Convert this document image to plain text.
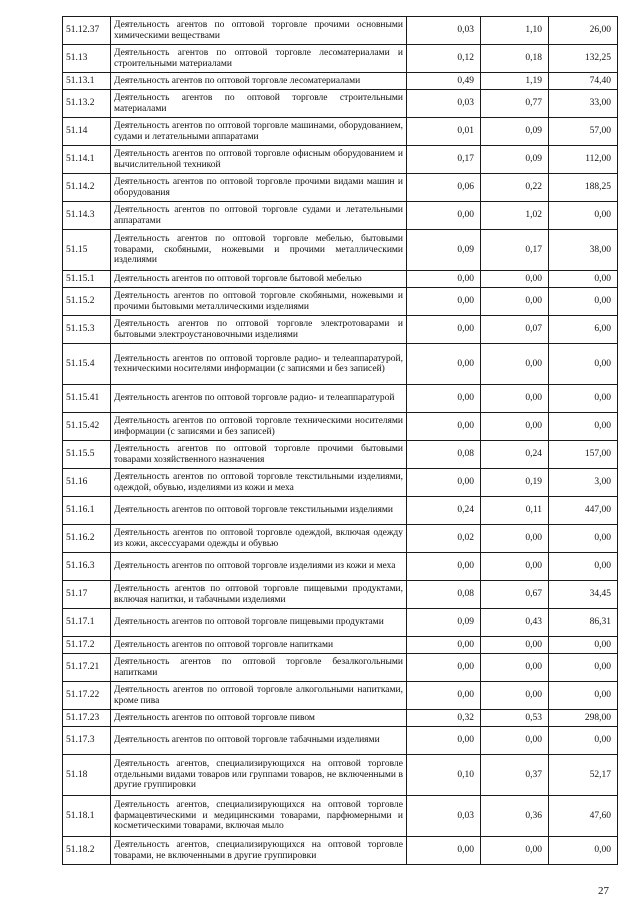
51.12.37	Деятельность агентов по оптовой торговле прочими основными химическими веществами	0,03	1,10	26,00
51.13	Деятельность агентов по оптовой торговле лесоматериалами и строительными материалами	0,12	0,18	132,25
51.13.1	Деятельность агентов по оптовой торговле лесоматериалами	0,49	1,19	74,40
51.13.2	Деятельность агентов по оптовой торговле строительными материалами	0,03	0,77	33,00
51.14	Деятельность агентов по оптовой торговле машинами, оборудованием, судами и летательными аппаратами	0,01	0,09	57,00
51.14.1	Деятельность агентов по оптовой торговле офисным оборудованием и вычислительной техникой	0,17	0,09	112,00
51.14.2	Деятельность агентов по оптовой торговле прочими видами машин и оборудования	0,06	0,22	188,25
51.14.3	Деятельность агентов по оптовой торговле судами и летательными аппаратами	0,00	1,02	0,00
51.15	Деятельность агентов по оптовой торговле мебелью, бытовыми товарами, скобяными, ножевыми и прочими металлическими изделиями	0,09	0,17	38,00
51.15.1	Деятельность агентов по оптовой торговле бытовой мебелью	0,00	0,00	0,00
51.15.2	Деятельность агентов по оптовой торговле скобяными, ножевыми и прочими бытовыми металлическими изделиями	0,00	0,00	0,00
51.15.3	Деятельность агентов по оптовой торговле электротоварами и бытовыми электроустановочными изделиями	0,00	0,07	6,00
51.15.4	Деятельность агентов по оптовой торговле радио- и телеаппаратурой, техническими носителями информации (с записями и без записей)	0,00	0,00	0,00
51.15.41	Деятельность агентов по оптовой торговле радио- и телеаппаратурой	0,00	0,00	0,00
51.15.42	Деятельность агентов по оптовой торговле техническими носителями информации (с записями и без записей)	0,00	0,00	0,00
51.15.5	Деятельность агентов по оптовой торговле прочими бытовыми товарами хозяйственного назначения	0,08	0,24	157,00
51.16	Деятельность агентов по оптовой торговле текстильными изделиями, одеждой, обувью, изделиями из кожи и меха	0,00	0,19	3,00
51.16.1	Деятельность агентов по оптовой торговле текстильными изделиями	0,24	0,11	447,00
51.16.2	Деятельность агентов по оптовой торговле одеждой, включая одежду из кожи, аксессуарами одежды и обувью	0,02	0,00	0,00
51.16.3	Деятельность агентов по оптовой торговле изделиями из кожи и меха	0,00	0,00	0,00
51.17	Деятельность агентов по оптовой торговле пищевыми продуктами, включая напитки, и табачными изделиями	0,08	0,67	34,45
51.17.1	Деятельность агентов по оптовой торговле пищевыми продуктами	0,09	0,43	86,31
51.17.2	Деятельность агентов по оптовой торговле напитками	0,00	0,00	0,00
51.17.21	Деятельность агентов по оптовой торговле безалкогольными напитками	0,00	0,00	0,00
51.17.22	Деятельность агентов по оптовой торговле алкогольными напитками, кроме пива	0,00	0,00	0,00
51.17.23	Деятельность агентов по оптовой торговле пивом	0,32	0,53	298,00
51.17.3	Деятельность агентов по оптовой торговле табачными изделиями	0,00	0,00	0,00
51.18	Деятельность агентов, специализирующихся на оптовой торговле отдельными видами товаров или группами товаров, не включенными в другие группировки	0,10	0,37	52,17
51.18.1	Деятельность агентов, специализирующихся на оптовой торговле фармацевтическими и медицинскими товарами, парфюмерными и косметическими товарами, включая мыло	0,03	0,36	47,60
51.18.2	Деятельность агентов, специализирующихся на оптовой торговле товарами, не включенными в другие группировки	0,00	0,00	0,00
27
